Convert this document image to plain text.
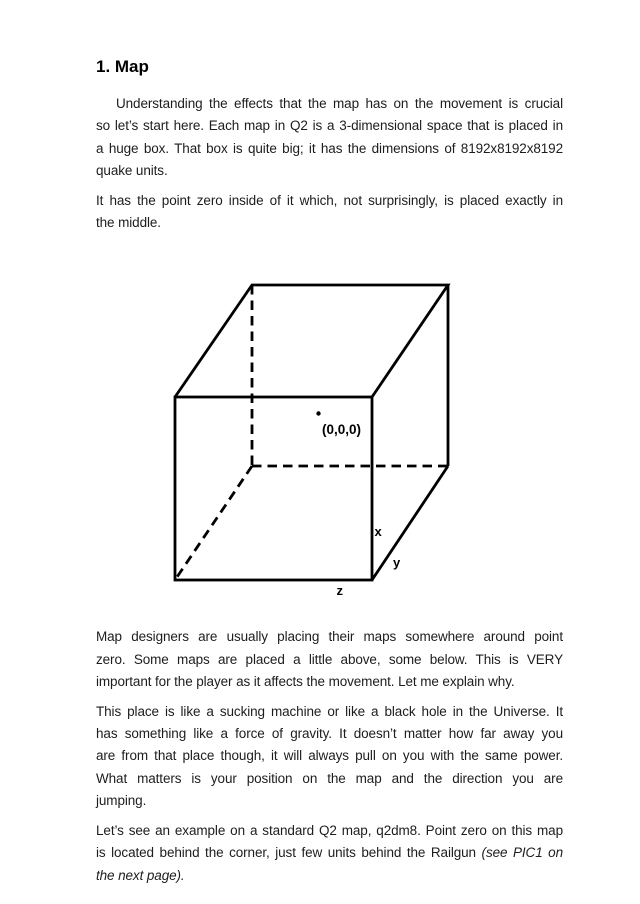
1. Map
Understanding the effects that the map has on the movement is crucial
so let’s start here. Each map in Q2 is a 3-dimensional space that is placed in
a huge box. That box is quite big; it has the dimensions of 8192x8192x8192
quake units.
It has the point zero inside of it which, not surprisingly, is placed exactly in
the middle.
(0,0,0)
x
y
z
Map designers are usually placing their maps somewhere around point
zero. Some maps are placed a little above, some below. This is VERY
important for the player as it affects the movement. Let me explain why.
This place is like a sucking machine or like a black hole in the Universe. It
has something like a force of gravity. It doesn’t matter how far away you
are from that place though, it will always pull on you with the same power.
What matters is your position on the map and the direction you are
jumping.
Let’s see an example on a standard Q2 map, q2dm8. Point zero on this map
is located behind the corner, just few units behind the Railgun (see PIC1 on
the next page).
